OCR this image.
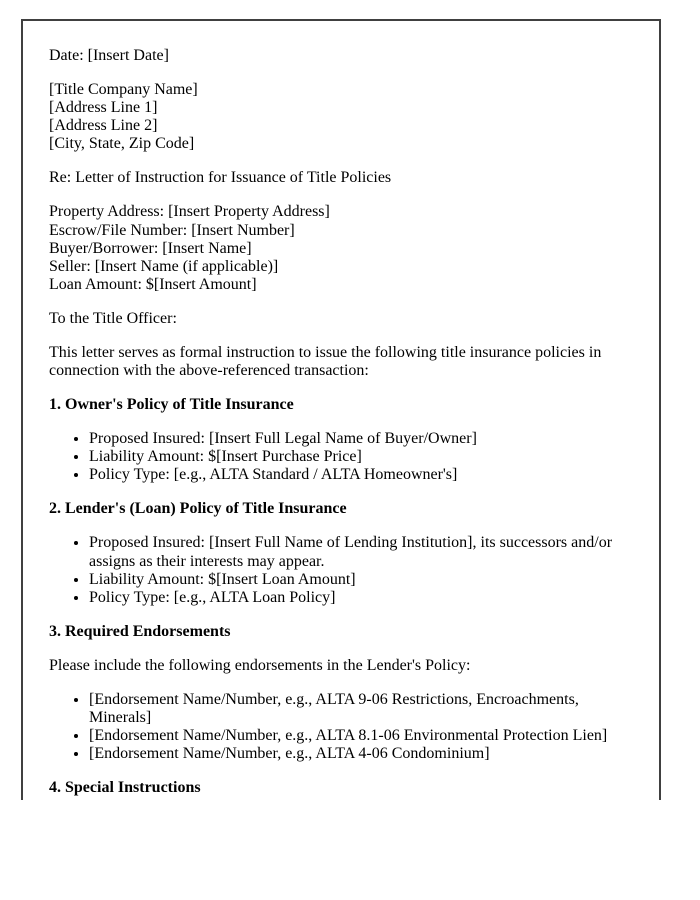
Date: [Insert Date]

[Title Company Name]
[Address Line 1]
[Address Line 2]
[City, State, Zip Code]

Re: Letter of Instruction for Issuance of Title Policies

Property Address: [Insert Property Address]
Escrow/File Number: [Insert Number]
Buyer/Borrower: [Insert Name]
Seller: [Insert Name (if applicable)]
Loan Amount: $[Insert Amount]

To the Title Officer:

This letter serves as formal instruction to issue the following title insurance policies in connection with the above-referenced transaction:

1. Owner's Policy of Title Insurance

• Proposed Insured: [Insert Full Legal Name of Buyer/Owner]
• Liability Amount: $[Insert Purchase Price]
• Policy Type: [e.g., ALTA Standard / ALTA Homeowner's]

2. Lender's (Loan) Policy of Title Insurance

• Proposed Insured: [Insert Full Name of Lending Institution], its successors and/or assigns as their interests may appear.
• Liability Amount: $[Insert Loan Amount]
• Policy Type: [e.g., ALTA Loan Policy]

3. Required Endorsements

Please include the following endorsements in the Lender's Policy:

• [Endorsement Name/Number, e.g., ALTA 9-06 Restrictions, Encroachments, Minerals]
• [Endorsement Name/Number, e.g., ALTA 8.1-06 Environmental Protection Lien]
• [Endorsement Name/Number, e.g., ALTA 4-06 Condominium]

4. Special Instructions
